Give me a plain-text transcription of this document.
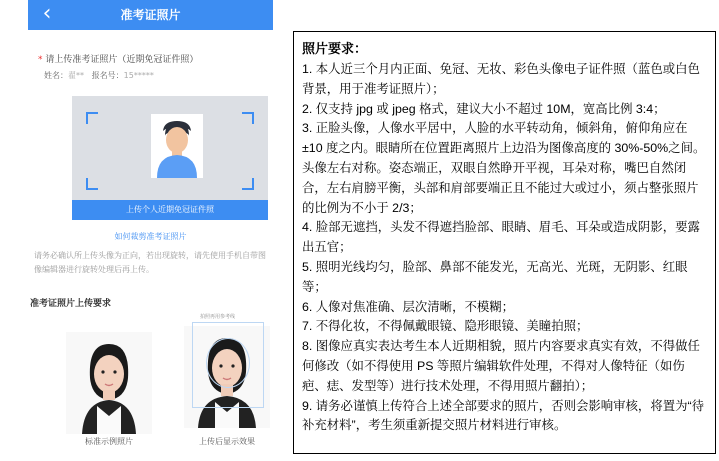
‹	准考证照片
* 请上传准考证照片（近期免冠证件照）
姓名：翟** 报名号：15*****
上传个人近期免冠证件照
如何裁剪准考证照片
请务必确认所上传头像为正向，若出现旋转，请先使用手机自带图像编辑器进行旋转处理后再上传。
准考证照片上传要求
拍照再用参考线
标准示例照片	上传后显示效果
照片要求：
1. 本人近三个月内正面、免冠、无妆、彩色头像电子证件照（蓝色或白色背景，用于准考证照片）；
2. 仅支持 jpg 或 jpeg 格式，建议大小不超过 10M，宽高比例 3:4；
3. 正脸头像，人像水平居中，人脸的水平转动角，倾斜角，俯仰角应在±10 度之内。眼睛所在位置距离照片上边沿为图像高度的 30%-50%之间。头像左右对称。姿态端正，双眼自然睁开平视，耳朵对称，嘴巴自然闭合，左右肩膀平衡，头部和肩部要端正且不能过大或过小，须占整张照片的比例为不小于 2/3；
4. 脸部无遮挡，头发不得遮挡脸部、眼睛、眉毛、耳朵或造成阴影，要露出五官；
5. 照明光线均匀，脸部、鼻部不能发光，无高光、光斑，无阴影、红眼等；
6. 人像对焦准确、层次清晰，不模糊；
7. 不得化妆，不得佩戴眼镜、隐形眼镜、美瞳拍照；
8. 图像应真实表达考生本人近期相貌，照片内容要求真实有效，不得做任何修改（如不得使用 PS 等照片编辑软件处理，不得对人像特征（如伤疤、痣、发型等）进行技术处理，不得用照片翻拍）；
9. 请务必谨慎上传符合上述全部要求的照片，否则会影响审核，将置为“待补充材料”，考生须重新提交照片材料进行审核。
